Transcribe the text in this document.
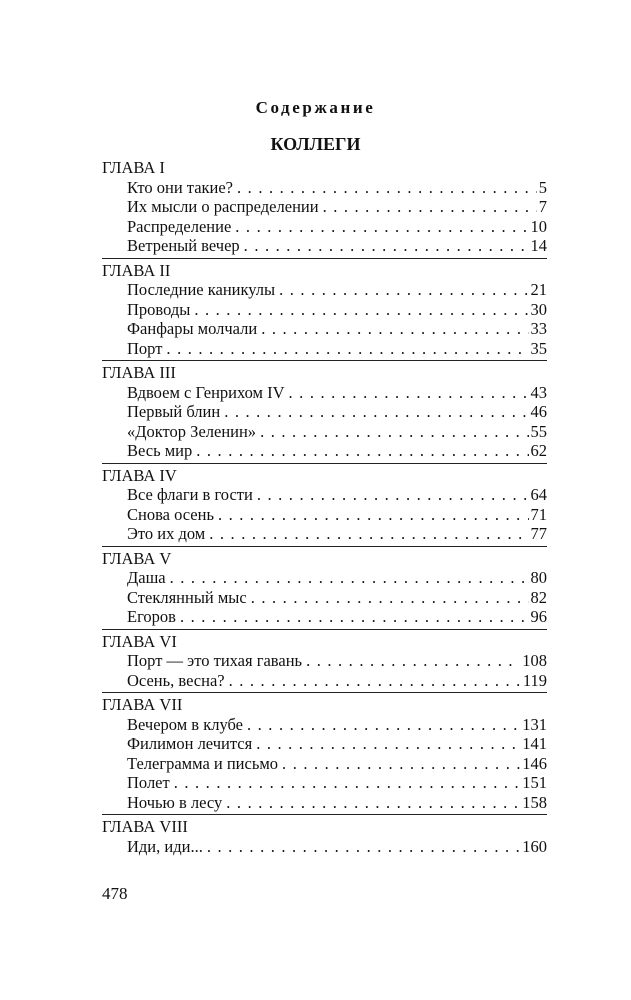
Содержание
КОЛЛЕГИ
ГЛАВА I
Кто они такие? . . .	5
Их мысли о распределении . . .	7
Распределение . . .	10
Ветреный вечер . . .	14
ГЛАВА II
Последние каникулы . . .	21
Проводы . . .	30
Фанфары молчали . . .	33
Порт . . .	35
ГЛАВА III
Вдвоем с Генрихом IV . . .	43
Первый блин . . .	46
«Доктор Зеленин» . . .	55
Весь мир . . .	62
ГЛАВА IV
Все флаги в гости . . .	64
Снова осень . . .	71
Это их дом . . .	77
ГЛАВА V
Даша . . .	80
Стеклянный мыс . . .	82
Егоров . . .	96
ГЛАВА VI
Порт — это тихая гавань . . .	108
Осень, весна? . . .	119
ГЛАВА VII
Вечером в клубе . . .	131
Филимон лечится . . .	141
Телеграмма и письмо . . .	146
Полет . . .	151
Ночью в лесу . . .	158
ГЛАВА VIII
Иди, иди... . . .	160
478
